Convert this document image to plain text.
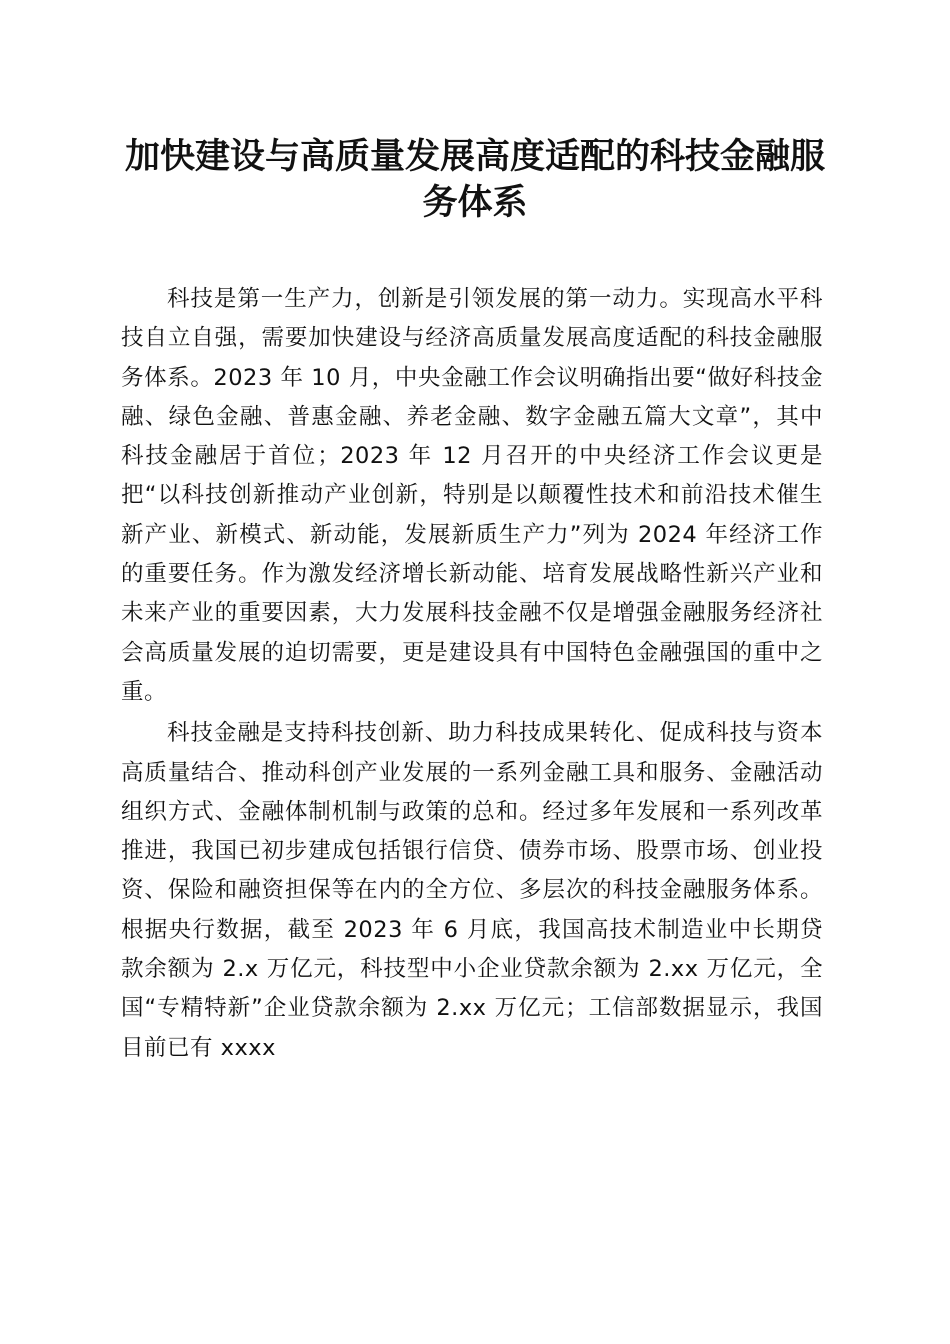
加快建设与高质量发展高度适配的科技金融服务体系

科技是第一生产力，创新是引领发展的第一动力。实现高水平科技自立自强，需要加快建设与经济高质量发展高度适配的科技金融服务体系。2023 年 10 月，中央金融工作会议明确指出要“做好科技金融、绿色金融、普惠金融、养老金融、数字金融五篇大文章”，其中科技金融居于首位；2023 年 12 月召开的中央经济工作会议更是把“以科技创新推动产业创新，特别是以颠覆性技术和前沿技术催生新产业、新模式、新动能，发展新质生产力”列为 2024 年经济工作的重要任务。作为激发经济增长新动能、培育发展战略性新兴产业和未来产业的重要因素，大力发展科技金融不仅是增强金融服务经济社会高质量发展的迫切需要，更是建设具有中国特色金融强国的重中之重。

科技金融是支持科技创新、助力科技成果转化、促成科技与资本高质量结合、推动科创产业发展的一系列金融工具和服务、金融活动组织方式、金融体制机制与政策的总和。经过多年发展和一系列改革推进，我国已初步建成包括银行信贷、债券市场、股票市场、创业投资、保险和融资担保等在内的全方位、多层次的科技金融服务体系。根据央行数据，截至 2023 年 6 月底，我国高技术制造业中长期贷款余额为 2.x 万亿元，科技型中小企业贷款余额为 2.xx 万亿元，全国“专精特新”企业贷款余额为 2.xx 万亿元；工信部数据显示，我国目前已有 xxxx
